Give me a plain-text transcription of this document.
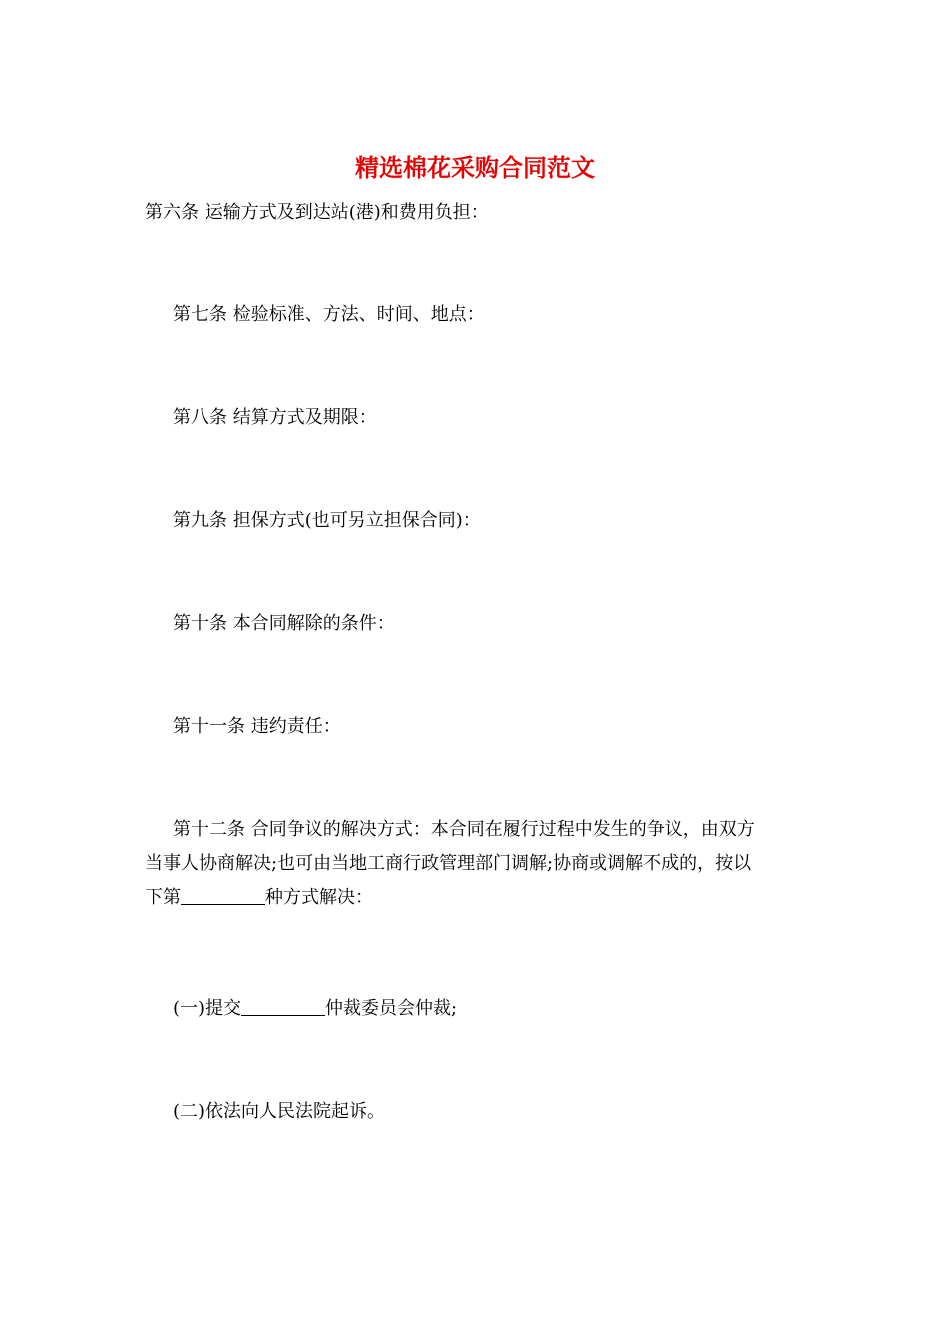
精选棉花采购合同范文

第六条 运输方式及到达站(港)和费用负担：

第七条 检验标准、方法、时间、地点：

第八条 结算方式及期限：

第九条 担保方式(也可另立担保合同)：

第十条 本合同解除的条件：

第十一条 违约责任：

第十二条 合同争议的解决方式：本合同在履行过程中发生的争议，由双方
当事人协商解决;也可由当地工商行政管理部门调解;协商或调解不成的，按以
下第	种方式解决：

(一)提交	仲裁委员会仲裁;

(二)依法向人民法院起诉。
